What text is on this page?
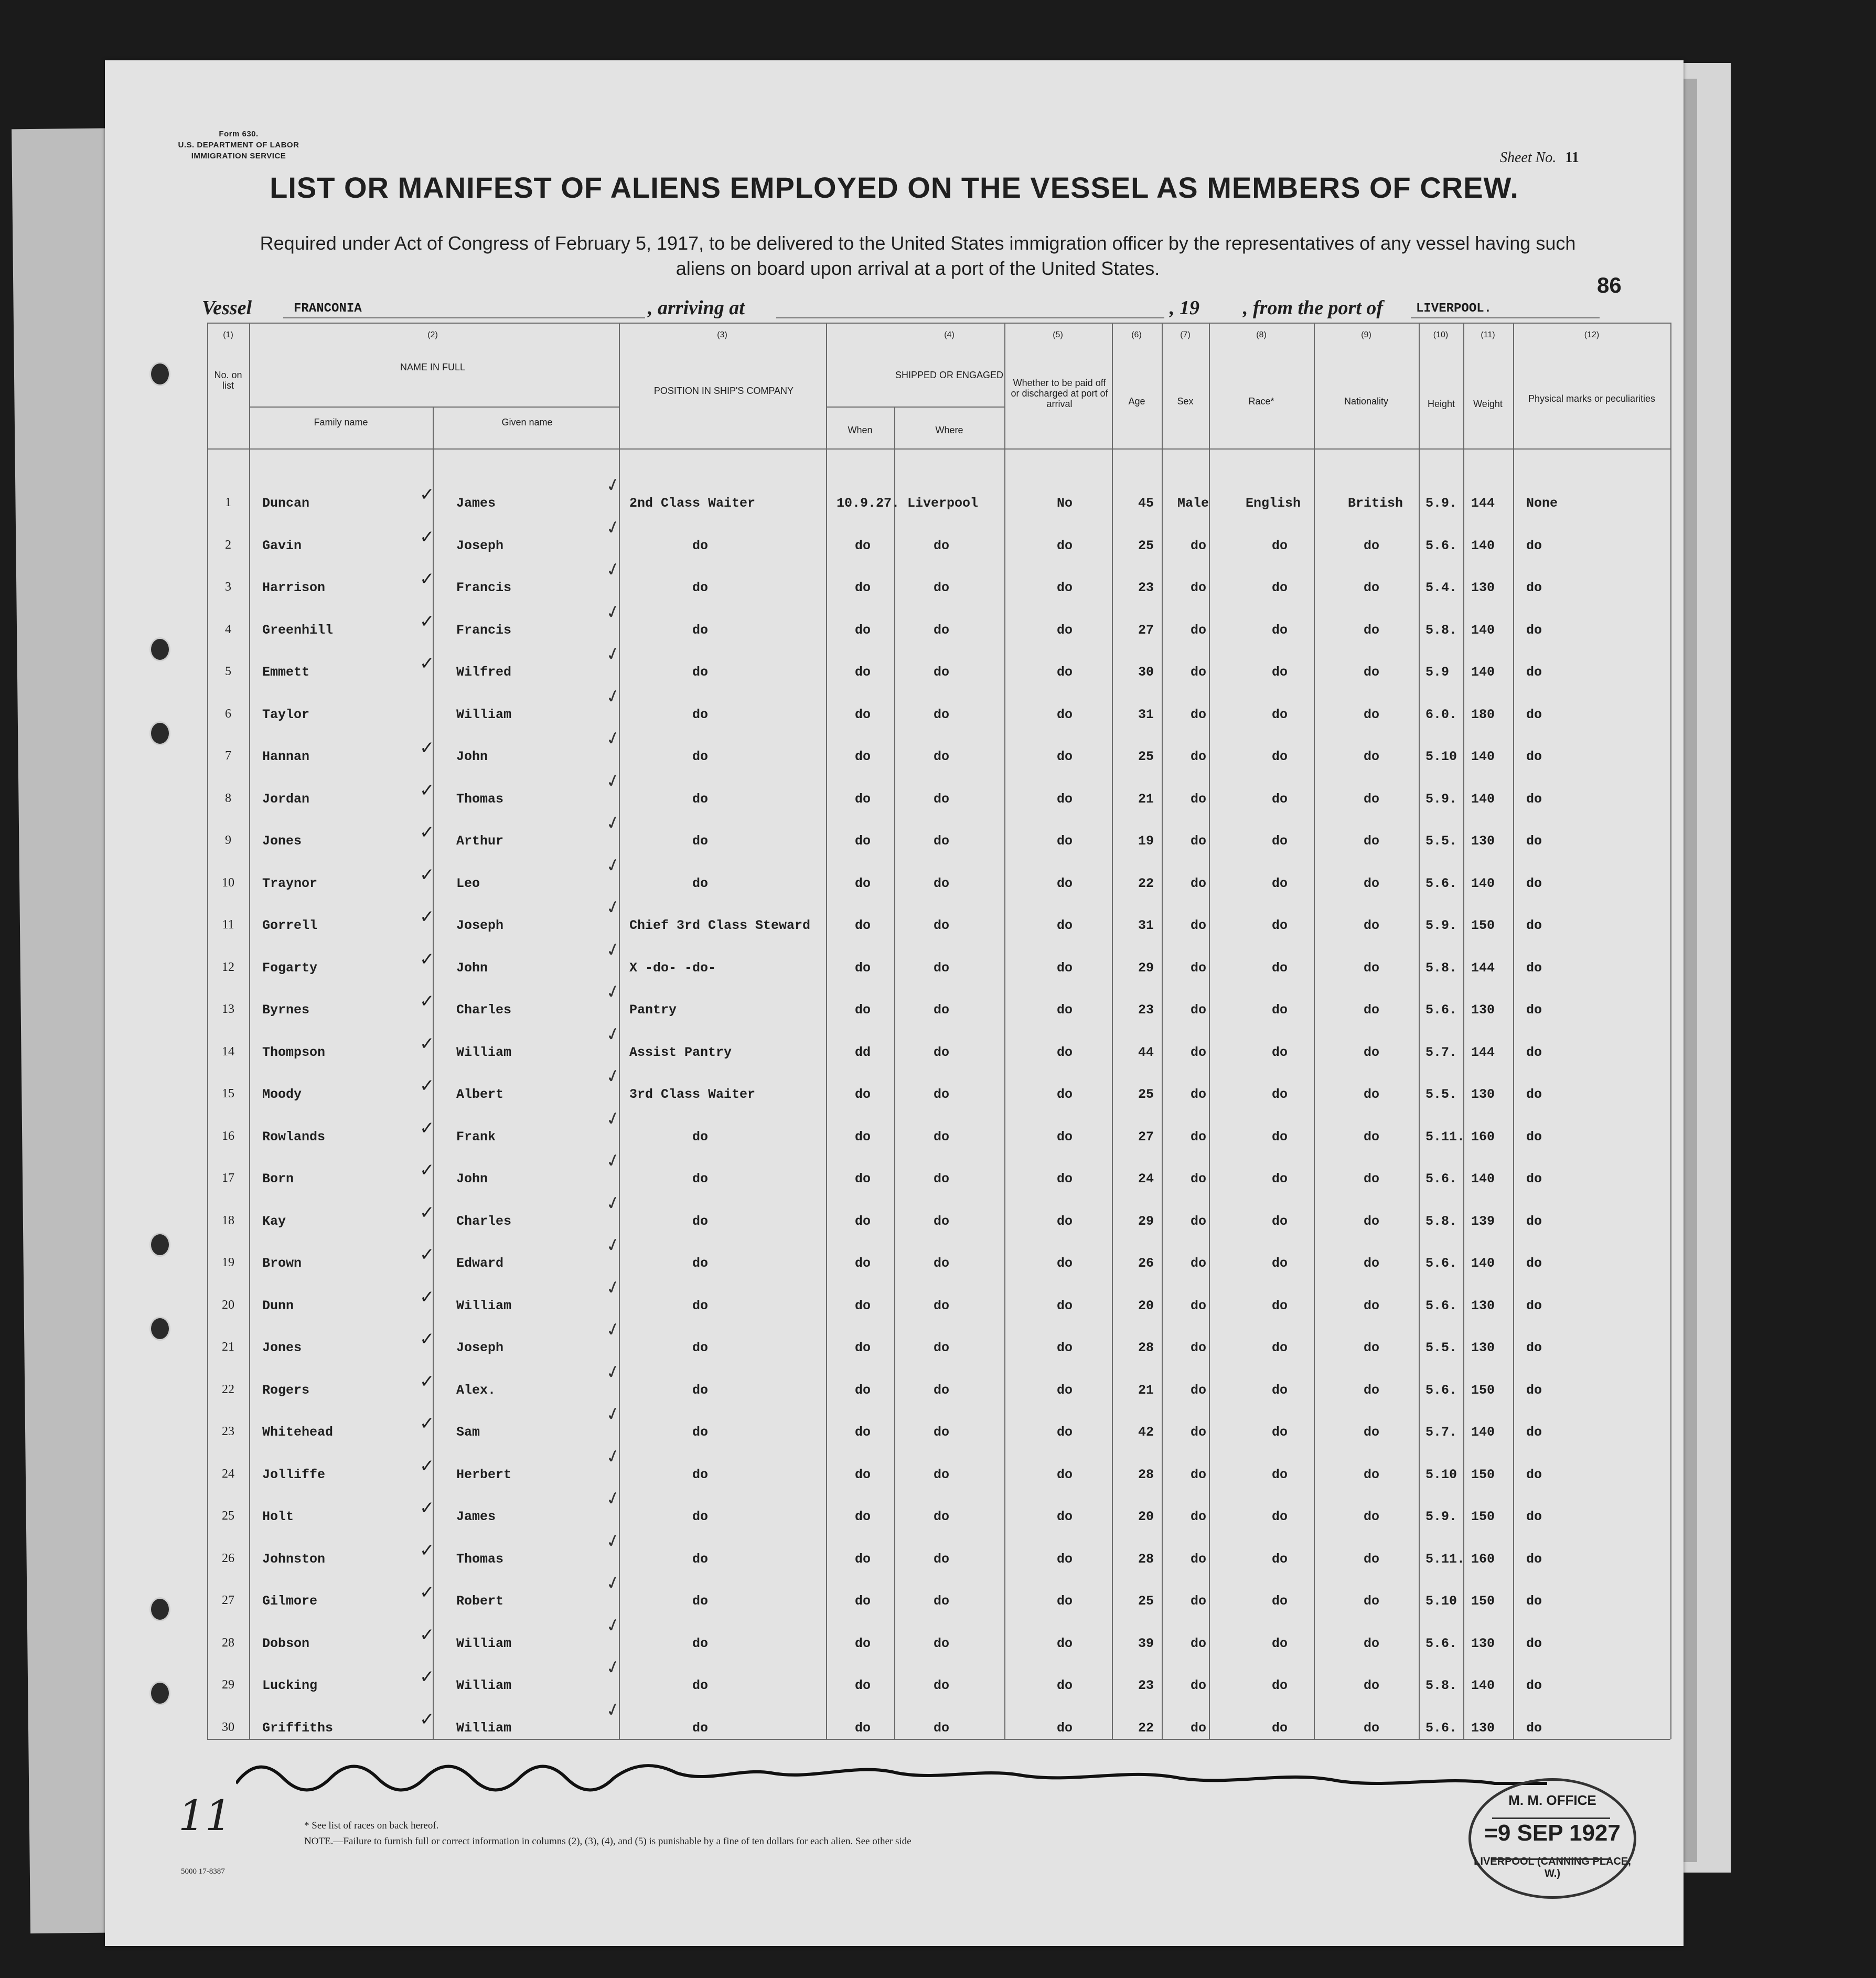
Form 630.
U.S. DEPARTMENT OF LABOR
IMMIGRATION SERVICE	Sheet No. 11
LIST OR MANIFEST OF ALIENS EMPLOYED ON THE VESSEL AS MEMBERS OF CREW.
Required under Act of Congress of February 5, 1917, to be delivered to the United States immigration officer by the representatives of any vessel having such
aliens on board upon arrival at a port of the United States.
86
Vessel	FRANCONIA	, arriving at	, 19 , from the port of	LIVERPOOL.
(1)	(2)	(3)	(4)	(5)	(6)	(7)	(8)	(9)	(10)	(11)	(12)
No. on list
NAME IN FULL
Family name	Given name
POSITION IN SHIP'S COMPANY
SHIPPED OR ENGAGED
When	Where
Whether to be paid off or discharged at port of arrival	Age	Sex	Race*	Nationality	Height	Weight	Physical marks or peculiarities
1	Duncan	James	2nd Class Waiter	10.9.27. Liverpool	No	45 Male	English	British 5.9. 144 None
✓	✓
2	Gavin	Joseph	do	do	do	do	25	do	do	do	5.6. 140 do
✓	✓
3	Harrison	Francis	do	do	do	do	23	do	do	do	5.4. 130 do
✓	✓
4	Greenhill	Francis	do	do	do	do	27	do	do	do	5.8. 140 do
✓	✓
5	Emmett	Wilfred	do	do	do	do	30	do	do	do	5.9 140 do
✓	✓
6	Taylor	William	do	do	do	do	31	do	do	do	6.0. 180 do
✓
7	Hannan	John	do	do	do	do	25	do	do	do	5.10 140 do
✓	✓
8	Jordan	Thomas	do	do	do	do	21	do	do	do	5.9. 140 do
✓	✓
9	Jones	Arthur	do	do	do	do	19	do	do	do	5.5. 130 do
✓	✓
10	Traynor	Leo	do	do	do	do	22	do	do	do	5.6. 140 do
✓	✓
11	Gorrell	Joseph	Chief 3rd Class Steward	do	do	do	31	do	do	do	5.9. 150 do
✓	✓
12	Fogarty	John	X -do- -do-	do	do	do	29	do	do	do	5.8. 144 do
✓	✓
13	Byrnes	Charles	Pantry	do	do	do	23	do	do	do	5.6. 130 do
✓	✓
14	Thompson	William	Assist Pantry	dd	do	do	44	do	do	do	5.7. 144 do
✓	✓
15	Moody	Albert	3rd Class Waiter	do	do	do	25	do	do	do	5.5. 130 do
✓	✓
16	Rowlands	Frank	do	do	do	do	27	do	do	do	5.11. 160 do
✓	✓
17	Born	John	do	do	do	do	24	do	do	do	5.6. 140 do
✓	✓
18	Kay	Charles	do	do	do	do	29	do	do	do	5.8. 139 do
✓	✓
19	Brown	Edward	do	do	do	do	26	do	do	do	5.6. 140 do
✓	✓
20	Dunn	William	do	do	do	do	20	do	do	do	5.6. 130 do
✓	✓
21	Jones	Joseph	do	do	do	do	28	do	do	do	5.5. 130 do
✓	✓
22	Rogers	Alex.	do	do	do	do	21	do	do	do	5.6. 150 do
✓	✓
23	Whitehead	Sam	do	do	do	do	42	do	do	do	5.7. 140 do
✓	✓
24	Jolliffe	Herbert	do	do	do	do	28	do	do	do	5.10 150 do
✓	✓
25	Holt	James	do	do	do	do	20	do	do	do	5.9. 150 do
✓	✓
26	Johnston	Thomas	do	do	do	do	28	do	do	do	5.11. 160 do
✓	✓
27	Gilmore	Robert	do	do	do	do	25	do	do	do	5.10 150 do
✓	✓
28	Dobson	William	do	do	do	do	39	do	do	do	5.6. 130 do
✓	✓
29	Lucking	William	do	do	do	do	23	do	do	do	5.8. 140 do
✓	✓
30	Griffiths	William	do	do	do	do	22	do	do	do	5.6. 130 do
✓	✓
* See list of races on back hereof.
NOTE.—Failure to furnish full or correct information in columns (2), (3), (4), and (5) is punishable by a fine of ten dollars for each alien. See other side
5000 17-8387
11	M. M. OFFICE
=9 SEP 1927
LIVERPOOL (CANNING PLACE, W.)
